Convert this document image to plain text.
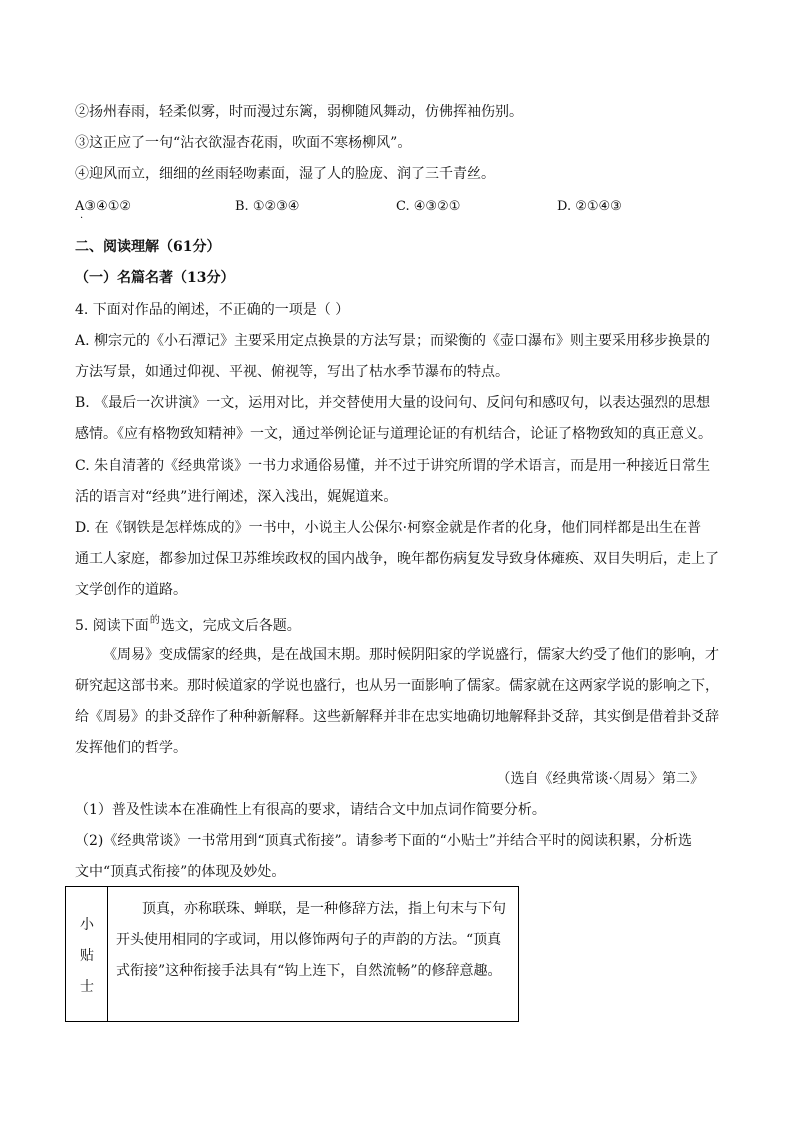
②扬州春雨，轻柔似雾，时而漫过东篱，弱柳随风舞动，仿佛挥袖伤别。
③这正应了一句“沾衣欲湿杏花雨，吹面不寒杨柳风”。
④迎风而立，细细的丝雨轻吻素面，湿了人的脸庞、润了三千青丝。
A③④①②	B. ①②③④	C. ④③②①	D. ②①④③
·
二、阅读理解（61分）
（一）名篇名著（13分）
4. 下面对作品的阐述，不正确的一项是（ ）
A. 柳宗元的《小石潭记》主要采用定点换景的方法写景；而梁衡的《壶口瀑布》则主要采用移步换景的
方法写景，如通过仰视、平视、俯视等，写出了枯水季节瀑布的特点。
B. 《最后一次讲演》一文，运用对比，并交替使用大量的设问句、反问句和感叹句，以表达强烈的思想
感情。《应有格物致知精神》一文，通过举例论证与道理论证的有机结合，论证了格物致知的真正意义。
C. 朱自清著的《经典常谈》一书力求通俗易懂，并不过于讲究所谓的学术语言，而是用一种接近日常生
活的语言对“经典”进行阐述，深入浅出，娓娓道来。
D. 在《钢铁是怎样炼成的》一书中，小说主人公保尔·柯察金就是作者的化身，他们同样都是出生在普
通工人家庭，都参加过保卫苏维埃政权的国内战争，晚年都伤病复发导致身体瘫痪、双目失明后，走上了
文学创作的道路。
5. 阅读下面$^的$选文，完成文后各题。
《周易》变成儒家的经典，是在战国末期。那时候阴阳家的学说盛行，儒家大约受了他们的影响，才
研究起这部书来。那时候道家的学说也盛行，也从另一面影响了儒家。儒家就在这两家学说的影响之下，
给《周易》的卦爻辞作了种种新解释。这些新解释并非在忠实地确切地解释卦爻辞，其实倒是借着卦爻辞
发挥他们的哲学。
（选自《经典常谈·〈周易〉第二》
（1）普及性读本在准确性上有很高的要求，请结合文中加点词作简要分析。
（2)《经典常谈》一书常用到“顶真式衔接”。请参考下面的“小贴士”并结合平时的阅读积累，分析选
文中“顶真式衔接”的体现及妙处。
小
贴
士
顶真，亦称联珠、蝉联，是一种修辞方法，指上句末与下句
开头使用相同的字或词，用以修饰两句子的声韵的方法。“顶真
式衔接”这种衔接手法具有“钩上连下，自然流畅”的修辞意趣。
